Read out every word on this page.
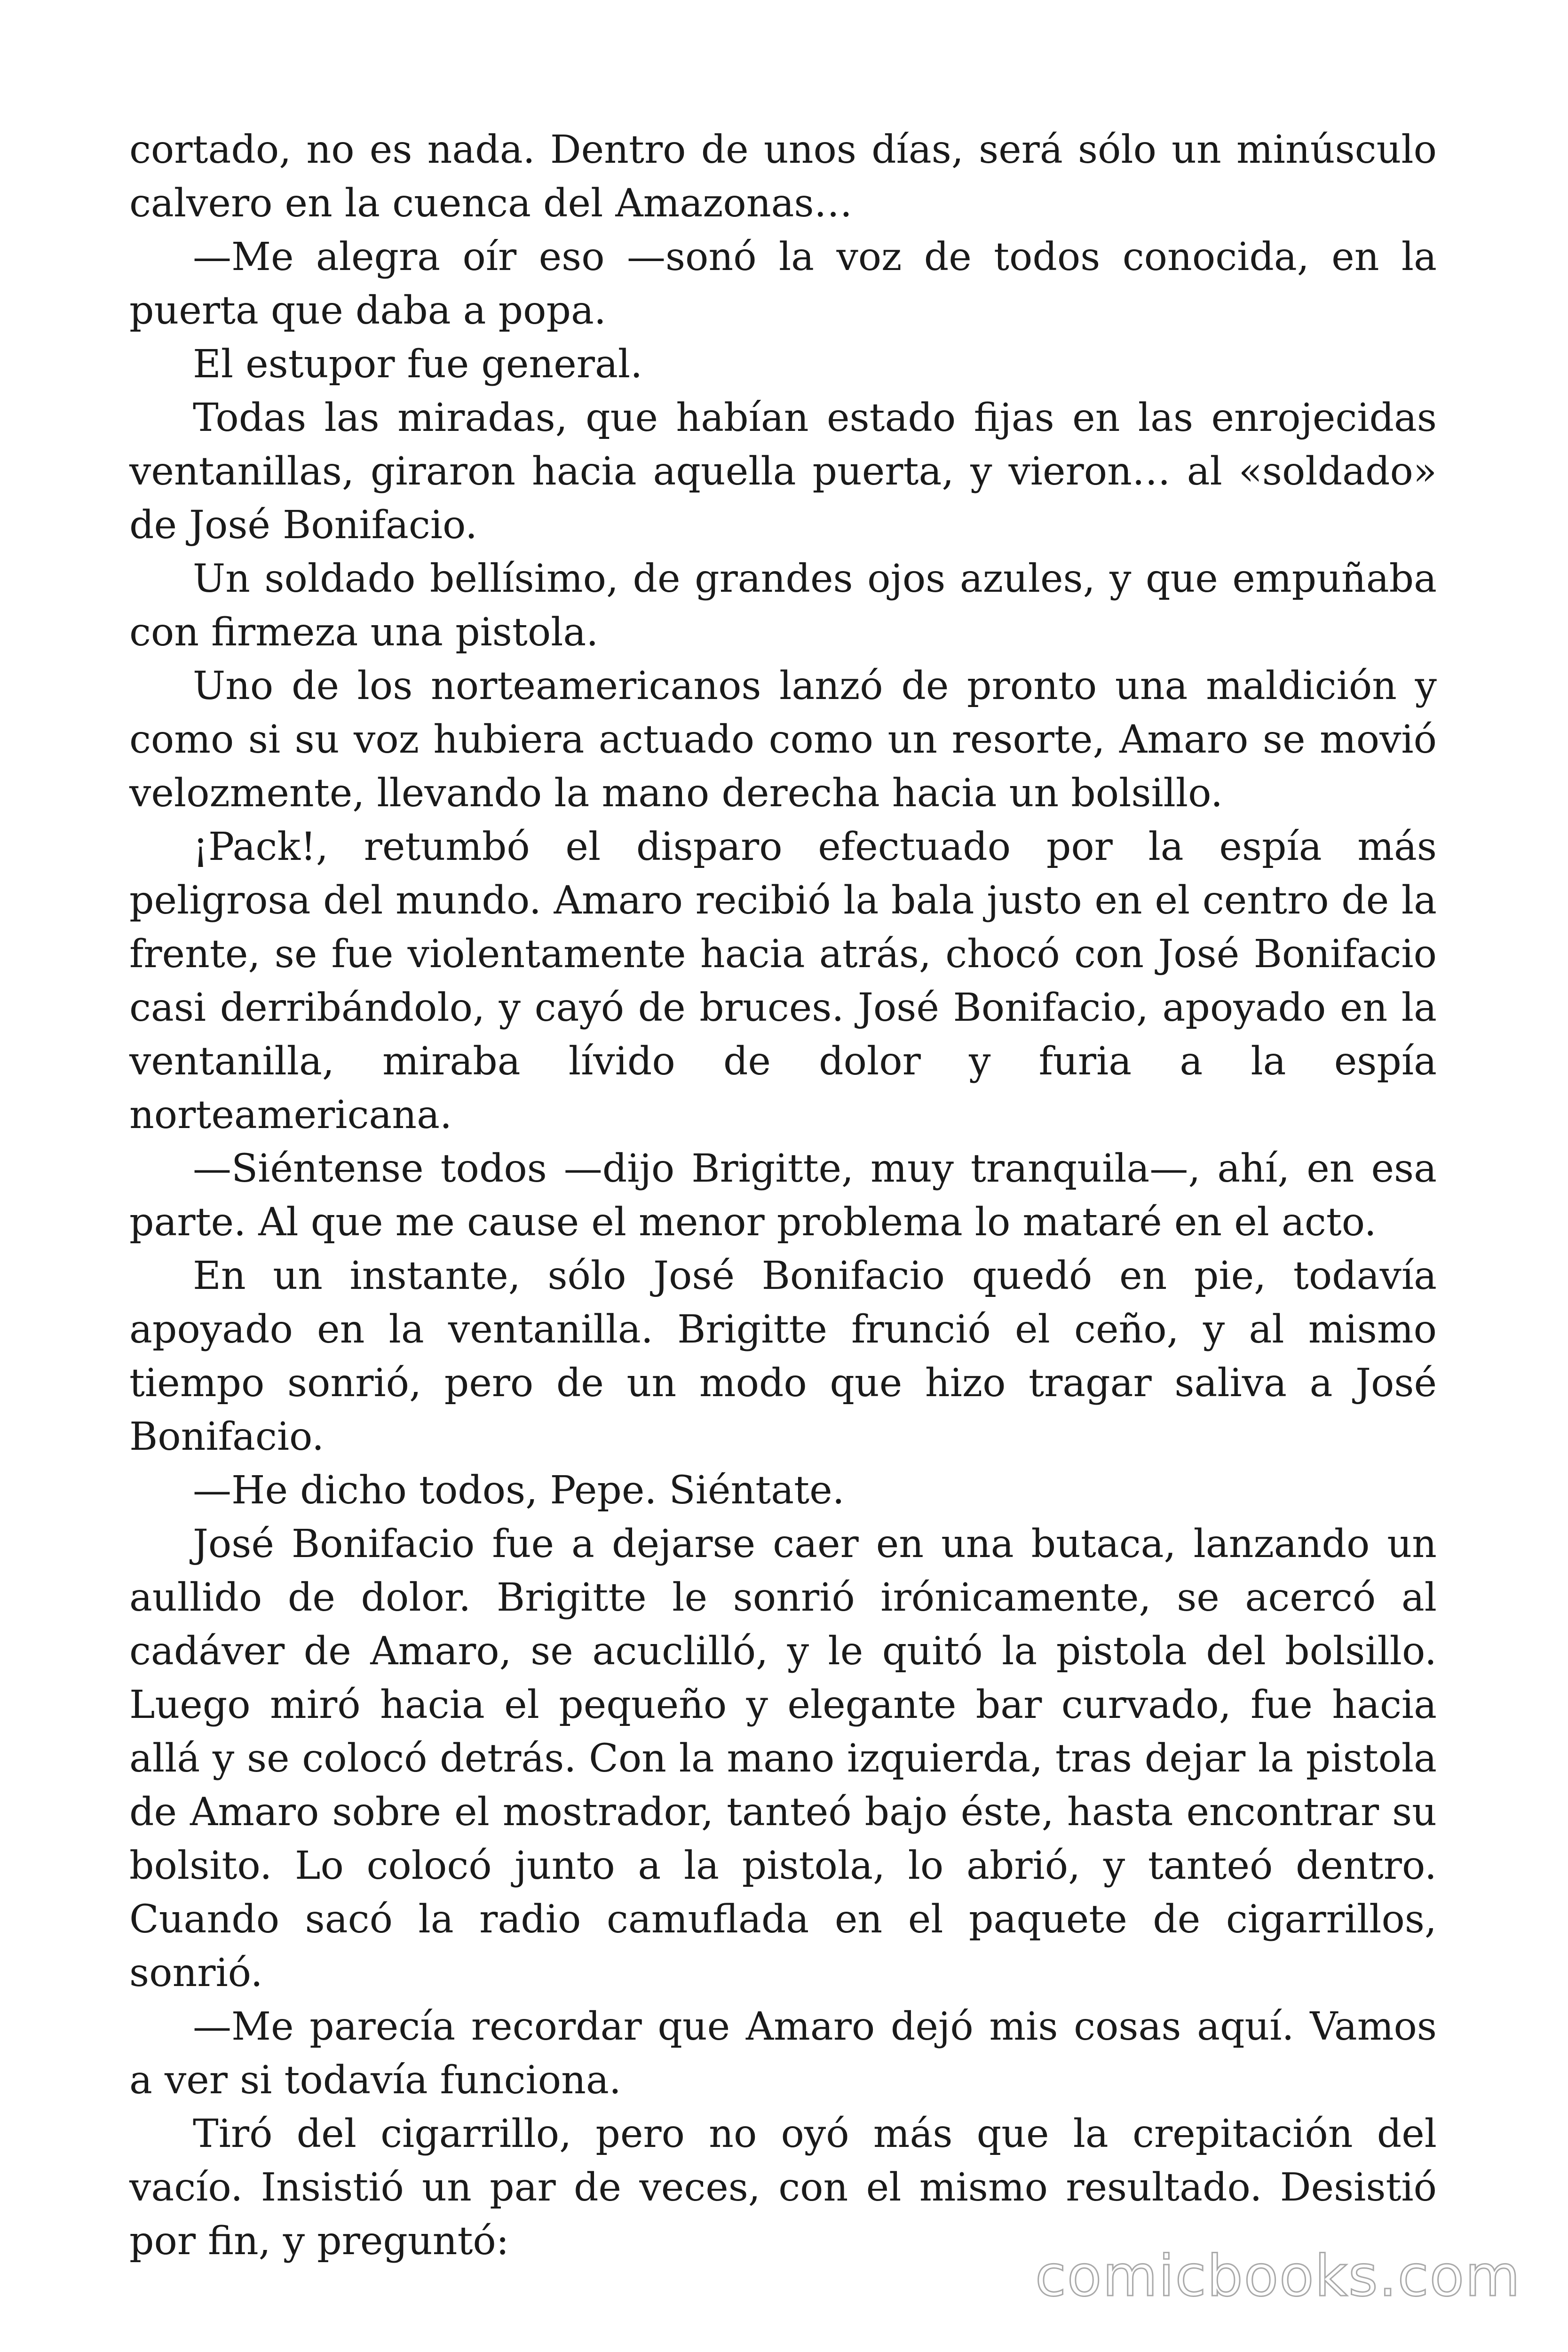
cortado, no es nada. Dentro de unos días, será sólo un minúsculo calvero en la cuenca del Amazonas…

—Me alegra oír eso —sonó la voz de todos conocida, en la puerta que daba a popa.

El estupor fue general.

Todas las miradas, que habían estado fijas en las enrojecidas ventanillas, giraron hacia aquella puerta, y vieron… al «soldado» de José Bonifacio.

Un soldado bellísimo, de grandes ojos azules, y que empuñaba con firmeza una pistola.

Uno de los norteamericanos lanzó de pronto una maldición y como si su voz hubiera actuado como un resorte, Amaro se movió velozmente, llevando la mano derecha hacia un bolsillo.

¡Pack!, retumbó el disparo efectuado por la espía más peligrosa del mundo. Amaro recibió la bala justo en el centro de la frente, se fue violentamente hacia atrás, chocó con José Bonifacio casi derribándolo, y cayó de bruces. José Bonifacio, apoyado en la ventanilla, miraba lívido de dolor y furia a la espía norteamericana.

—Siéntense todos —dijo Brigitte, muy tranquila—, ahí, en esa parte. Al que me cause el menor problema lo mataré en el acto.

En un instante, sólo José Bonifacio quedó en pie, todavía apoyado en la ventanilla. Brigitte frunció el ceño, y al mismo tiempo sonrió, pero de un modo que hizo tragar saliva a José Bonifacio.

—He dicho todos, Pepe. Siéntate.

José Bonifacio fue a dejarse caer en una butaca, lanzando un aullido de dolor. Brigitte le sonrió irónicamente, se acercó al cadáver de Amaro, se acuclilló, y le quitó la pistola del bolsillo. Luego miró hacia el pequeño y elegante bar curvado, fue hacia allá y se colocó detrás. Con la mano izquierda, tras dejar la pistola de Amaro sobre el mostrador, tanteó bajo éste, hasta encontrar su bolsito. Lo colocó junto a la pistola, lo abrió, y tanteó dentro. Cuando sacó la radio camuflada en el paquete de cigarrillos, sonrió.

—Me parecía recordar que Amaro dejó mis cosas aquí. Vamos a ver si todavía funciona.

Tiró del cigarrillo, pero no oyó más que la crepitación del vacío. Insistió un par de veces, con el mismo resultado. Desistió por fin, y preguntó:

comicbooks.com
